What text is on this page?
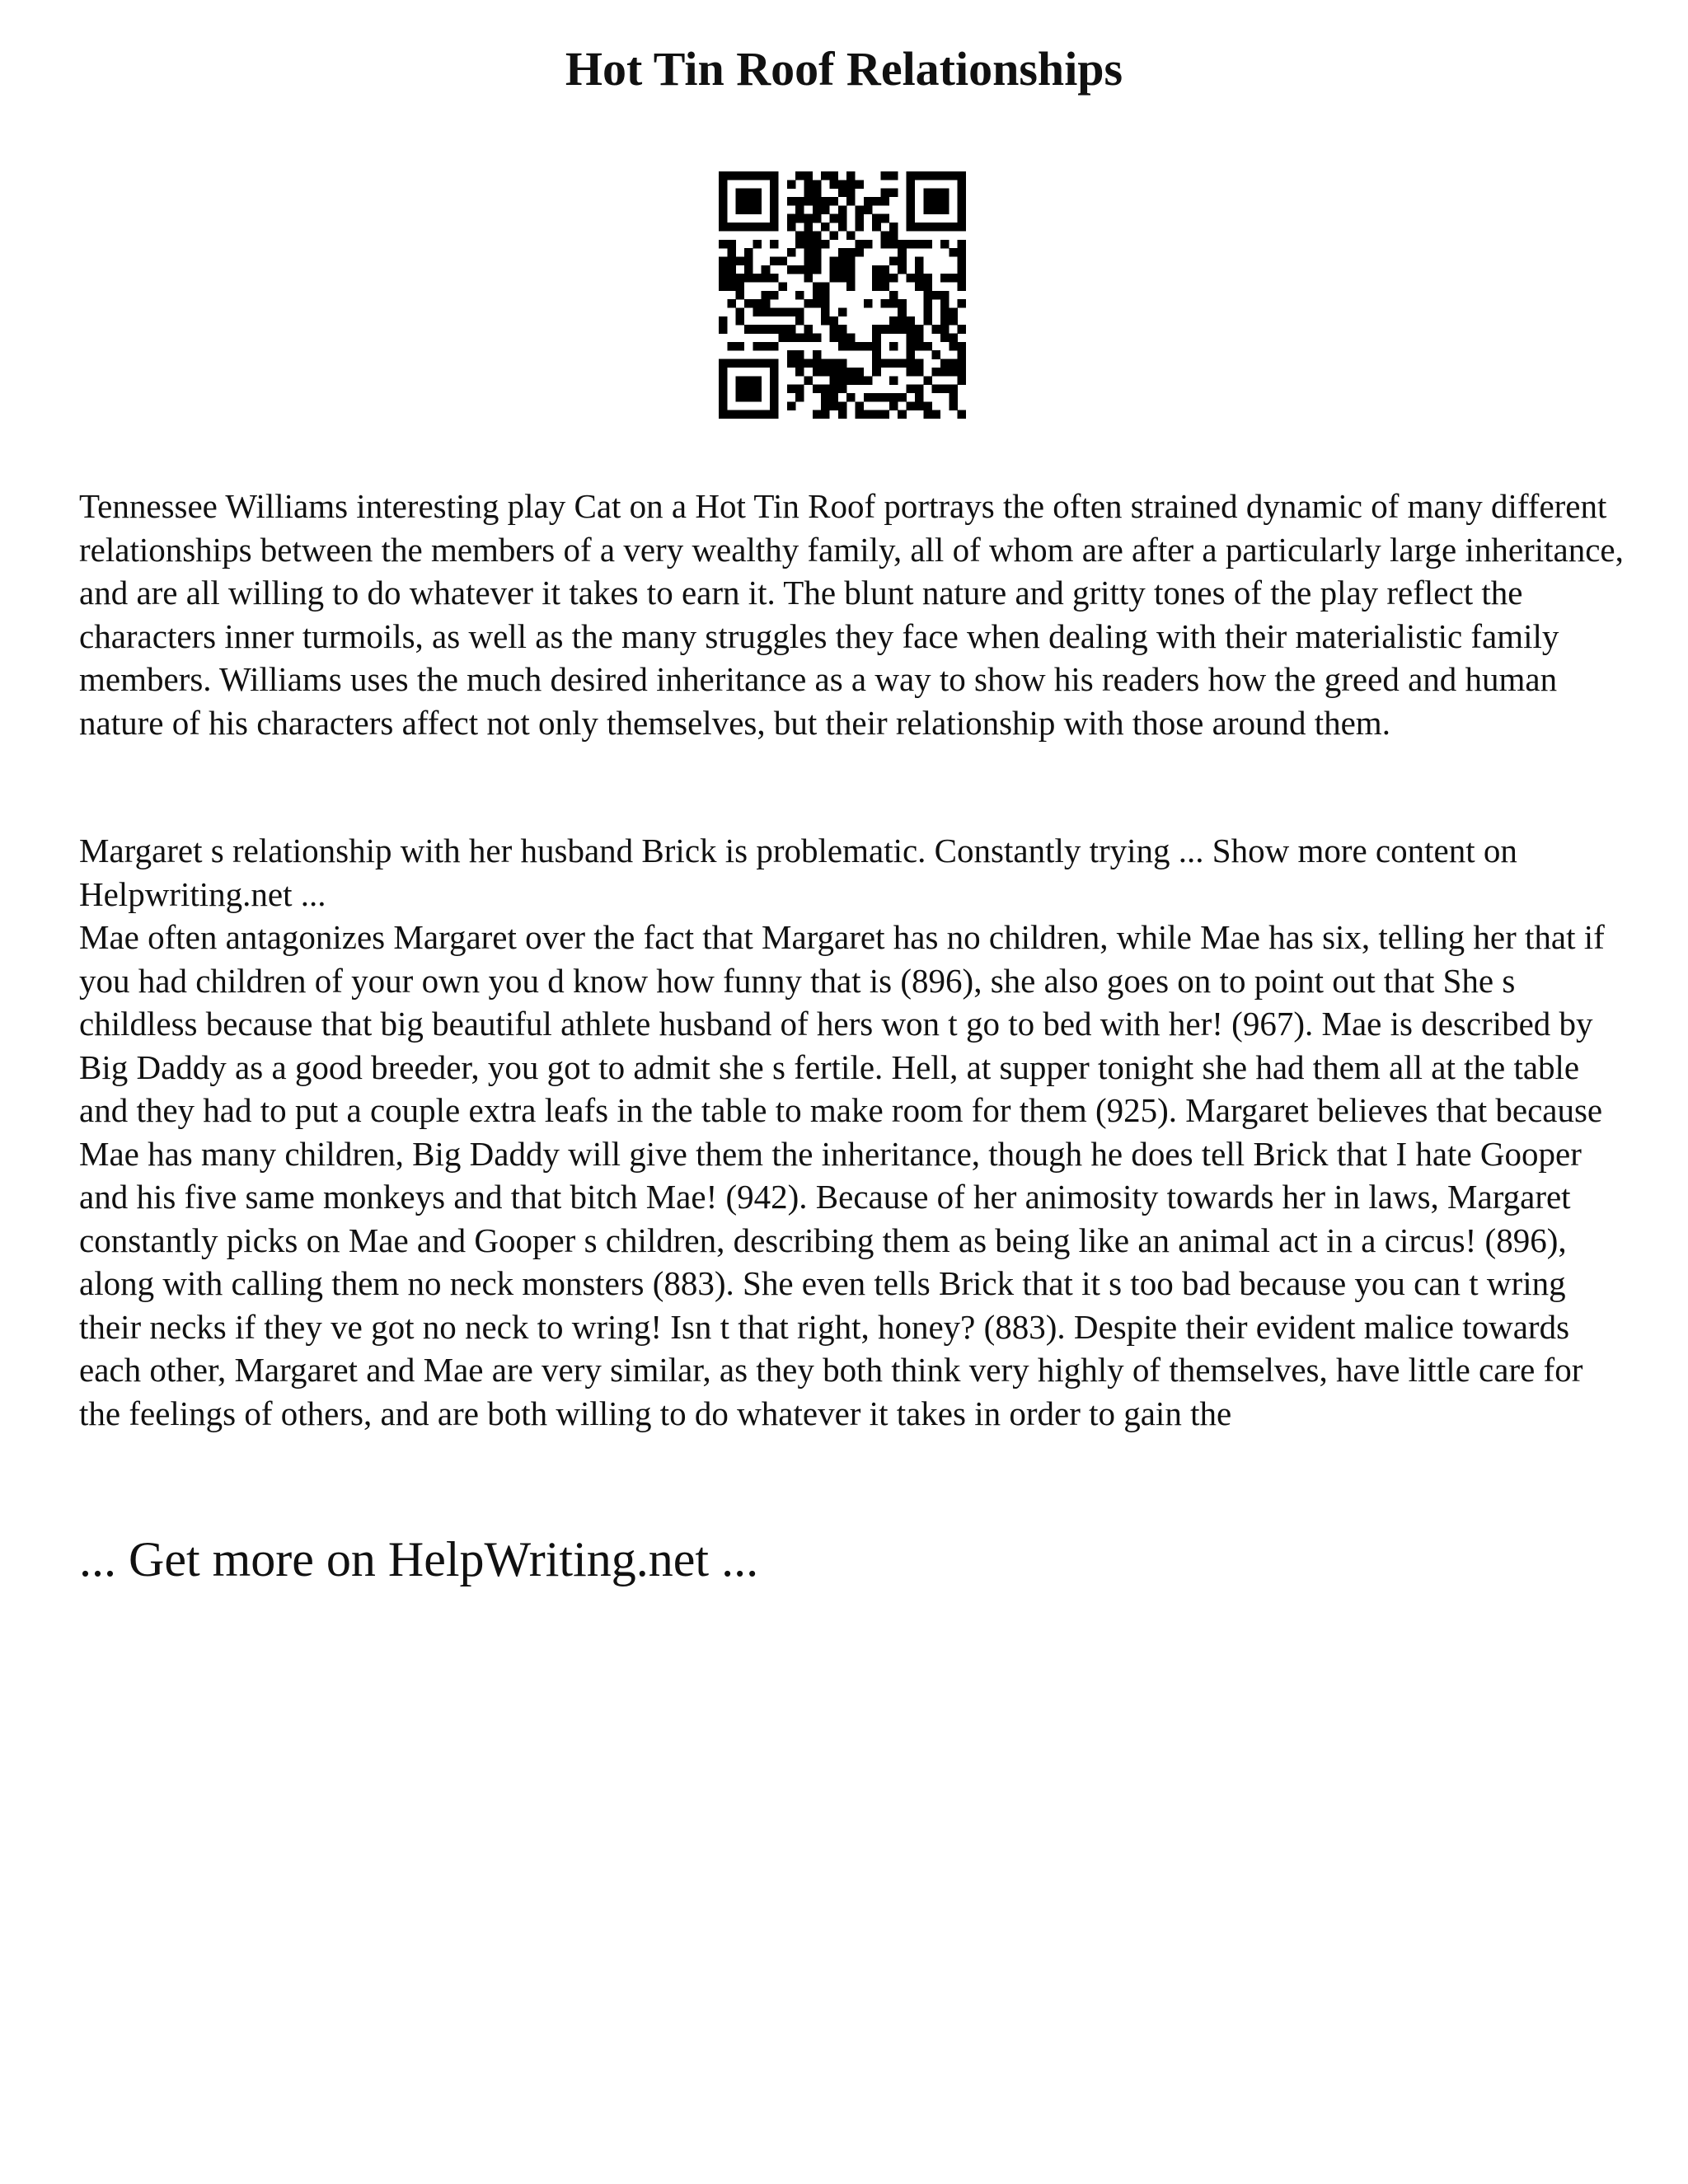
Hot Tin Roof Relationships

Tennessee Williams interesting play Cat on a Hot Tin Roof portrays the often strained dynamic of many different relationships between the members of a very wealthy family, all of whom are after a particularly large inheritance, and are all willing to do whatever it takes to earn it. The blunt nature and gritty tones of the play reflect the characters inner turmoils, as well as the many struggles they face when dealing with their materialistic family members. Williams uses the much desired inheritance as a way to show his readers how the greed and human nature of his characters affect not only themselves, but their relationship with those around them.

Margaret s relationship with her husband Brick is problematic. Constantly trying ... Show more content on Helpwriting.net ...

Mae often antagonizes Margaret over the fact that Margaret has no children, while Mae has six, telling her that if you had children of your own you d know how funny that is (896), she also goes on to point out that She s childless because that big beautiful athlete husband of hers won t go to bed with her! (967). Mae is described by Big Daddy as a good breeder, you got to admit she s fertile. Hell, at supper tonight she had them all at the table and they had to put a couple extra leafs in the table to make room for them (925). Margaret believes that because Mae has many children, Big Daddy will give them the inheritance, though he does tell Brick that I hate Gooper and his five same monkeys and that bitch Mae! (942). Because of her animosity towards her in laws, Margaret constantly picks on Mae and Gooper s children, describing them as being like an animal act in a circus! (896), along with calling them no neck monsters (883). She even tells Brick that it s too bad because you can t wring their necks if they ve got no neck to wring! Isn t that right, honey? (883). Despite their evident malice towards each other, Margaret and Mae are very similar, as they both think very highly of themselves, have little care for the feelings of others, and are both willing to do whatever it takes in order to gain the

... Get more on HelpWriting.net ...
